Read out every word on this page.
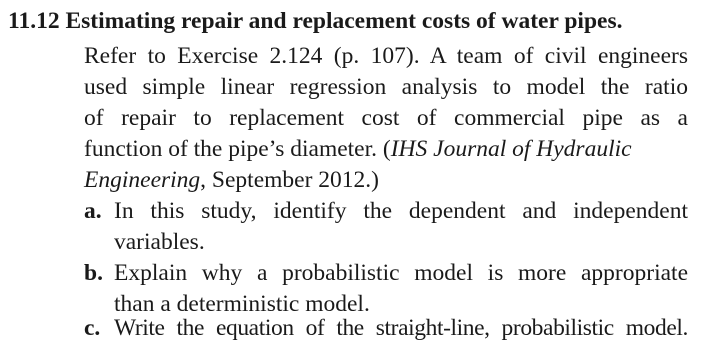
11.12 Estimating repair and replacement costs of water pipes.
Refer to Exercise 2.124 (p. 107). A team of civil engineers
used simple linear regression analysis to model the ratio
of repair to replacement cost of commercial pipe as a
function of the pipe’s diameter. (IHS Journal of Hydraulic
Engineering, September 2012.)
a. In this study, identify the dependent and independent
variables.
b. Explain why a probabilistic model is more appropriate
than a deterministic model.
c. Write the equation of the straight-line, probabilistic model.
